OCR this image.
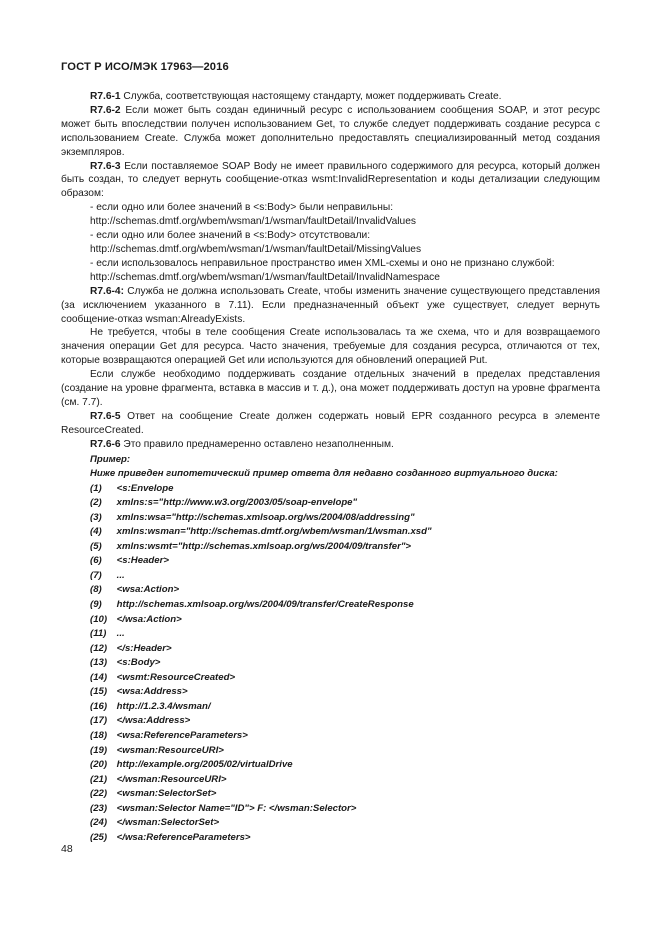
ГОСТ Р ИСО/МЭК 17963—2016

R7.6-1 Служба, соответствующая настоящему стандарту, может поддерживать Create.

R7.6-2 Если может быть создан единичный ресурс с использованием сообщения SOAP, и этот ресурс может быть впоследствии получен использованием Get, то службе следует поддерживать создание ресурса с использованием Create. Служба может дополнительно предоставлять специализированный метод создания экземпляров.

R7.6-3 Если поставляемое SOAP Body не имеет правильного содержимого для ресурса, который должен быть создан, то следует вернуть сообщение-отказ wsmt:InvalidRepresentation и коды детализации следующим образом:

- если одно или более значений в <s:Body> были неправильны:

http://schemas.dmtf.org/wbem/wsman/1/wsman/faultDetail/InvalidValues

- если одно или более значений в <s:Body> отсутствовали:

http://schemas.dmtf.org/wbem/wsman/1/wsman/faultDetail/MissingValues

- если использовалось неправильное пространство имен XML-схемы и оно не признано службой:

http://schemas.dmtf.org/wbem/wsman/1/wsman/faultDetail/InvalidNamespace

R7.6-4: Служба не должна использовать Create, чтобы изменить значение существующего представления (за исключением указанного в 7.11). Если предназначенный объект уже существует, следует вернуть сообщение-отказ wsman:AlreadyExists.

Не требуется, чтобы в теле сообщения Create использовалась та же схема, что и для возвращаемого значения операции Get для ресурса. Часто значения, требуемые для создания ресурса, отличаются от тех, которые возвращаются операцией Get или используются для обновлений операцией Put.

Если службе необходимо поддерживать создание отдельных значений в пределах представления (создание на уровне фрагмента, вставка в массив и т. д.), она может поддерживать доступ на уровне фрагмента (см. 7.7).

R7.6-5 Ответ на сообщение Create должен содержать новый EPR созданного ресурса в элементе ResourceCreated.

R7.6-6 Это правило преднамеренно оставлено незаполненным.

Пример:

Ниже приведен гипотетический пример ответа для недавно созданного виртуального диска:

(1) <s:Envelope

(2) xmlns:s="http://www.w3.org/2003/05/soap-envelope"

(3) xmlns:wsa="http://schemas.xmlsoap.org/ws/2004/08/addressing"

(4) xmlns:wsman="http://schemas.dmtf.org/wbem/wsman/1/wsman.xsd"

(5) xmlns:wsmt="http://schemas.xmlsoap.org/ws/2004/09/transfer">

(6) <s:Header>

(7) ...

(8) <wsa:Action>

(9) http://schemas.xmlsoap.org/ws/2004/09/transfer/CreateResponse

(10) </wsa:Action>

(11) ...

(12) </s:Header>

(13) <s:Body>

(14) <wsmt:ResourceCreated>

(15) <wsa:Address>

(16) http://1.2.3.4/wsman/

(17) </wsa:Address>

(18) <wsa:ReferenceParameters>

(19) <wsman:ResourceURI>

(20) http://example.org/2005/02/virtualDrive

(21) </wsman:ResourceURI>

(22) <wsman:SelectorSet>

(23) <wsman:Selector Name="ID"> F: </wsman:Selector>

(24) </wsman:SelectorSet>

(25) </wsa:ReferenceParameters>

48
